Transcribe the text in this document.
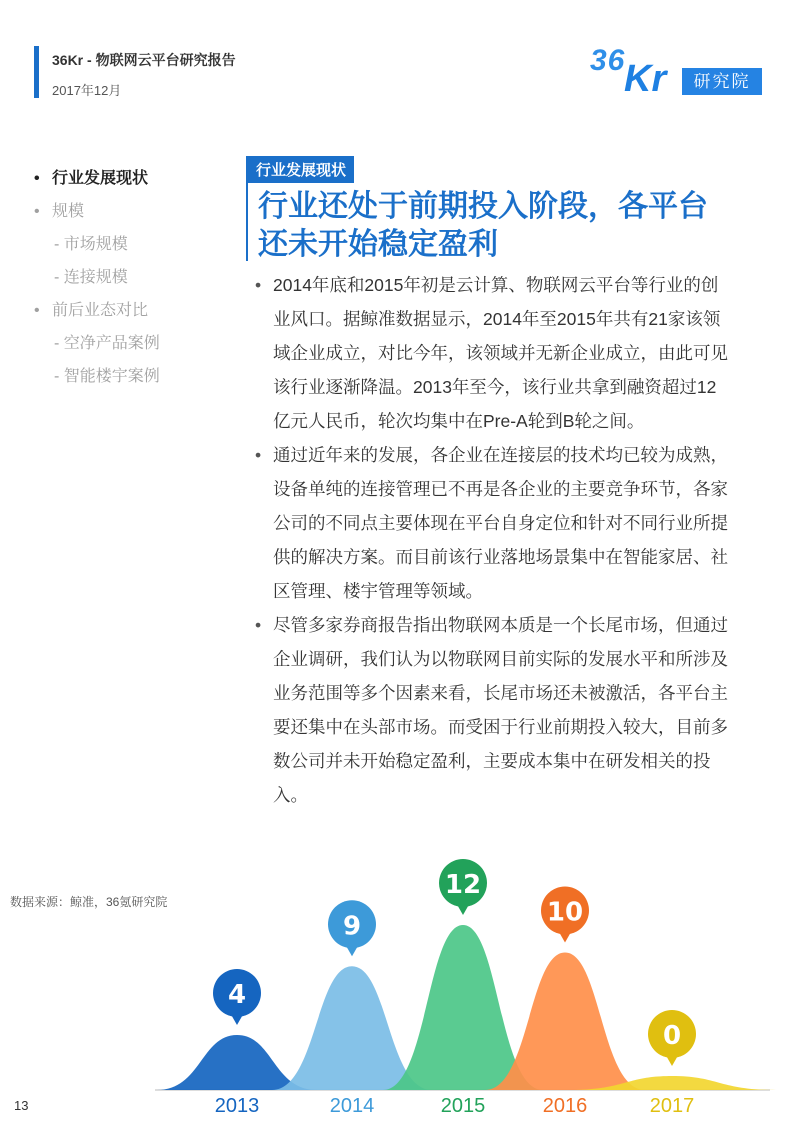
36Kr - 物联网云平台研究报告
2017年12月
36
Kr	研究院
• 行业发展现状
• 规模
- 市场规模
- 连接规模
• 前后业态对比
- 空净产品案例
- 智能楼宇案例
行业发展现状
行业还处于前期投入阶段，各平台还未开始稳定盈利
• 2014年底和2015年初是云计算、物联网云平台等行业的创业风口。据鲸准数据显示，2014年至2015年共有21家该领域企业成立，对比今年，该领域并无新企业成立，由此可见该行业逐渐降温。2013年至今，该行业共拿到融资超过12亿元人民币，轮次均集中在Pre-A轮到B轮之间。
• 通过近年来的发展，各企业在连接层的技术均已较为成熟，设备单纯的连接管理已不再是各企业的主要竞争环节，各家公司的不同点主要体现在平台自身定位和针对不同行业所提供的解决方案。而目前该行业落地场景集中在智能家居、社区管理、楼宇管理等领域。
• 尽管多家券商报告指出物联网本质是一个长尾市场，但通过企业调研，我们认为以物联网目前实际的发展水平和所涉及业务范围等多个因素来看，长尾市场还未被激活，各平台主要还集中在头部市场。而受困于行业前期投入较大，目前多数公司并未开始稳定盈利，主要成本集中在研发相关的投入。
数据来源：鲸准，36氪研究院
13
4
2013
9
2014
12
2015
10
2016
0
2017
